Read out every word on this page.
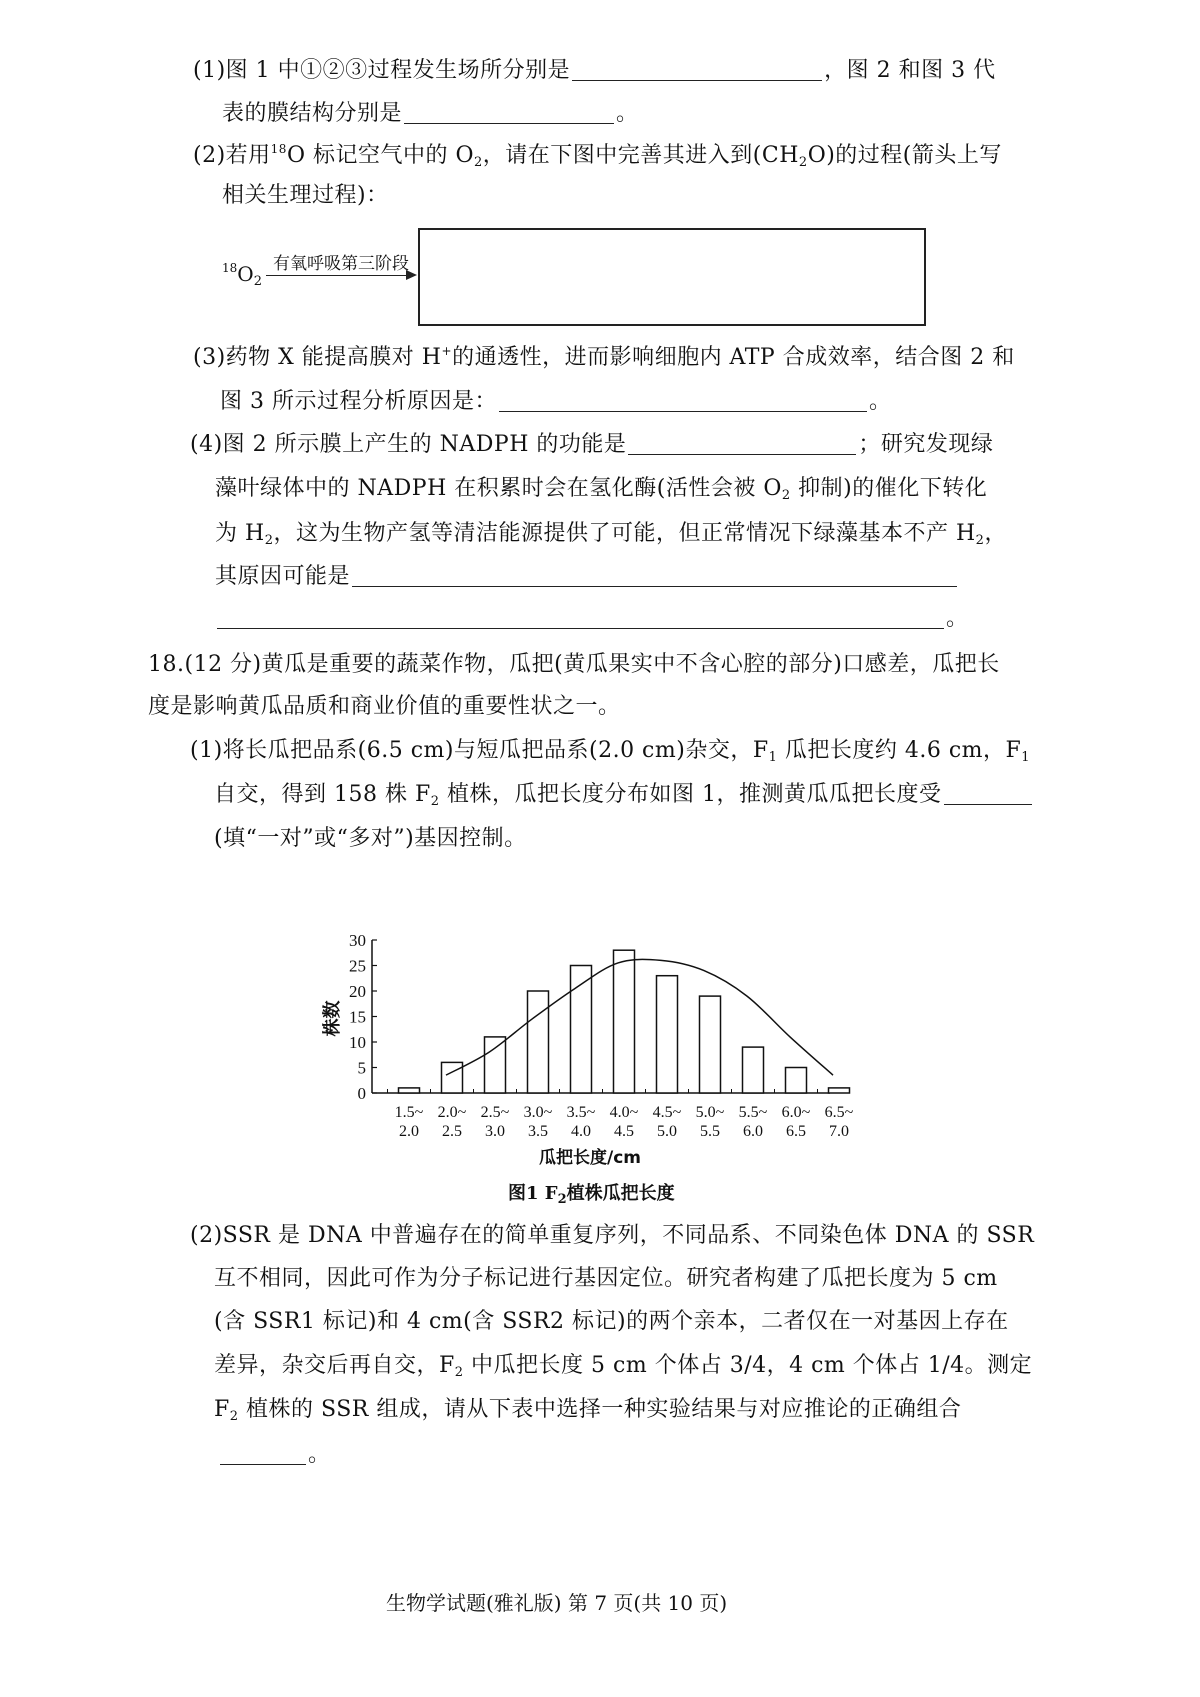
(1)图 1 中①②③过程发生场所分别是	，图 2 和图 3 代
表的膜结构分别是	。
(2)若用$^{18}$O 标记空气中的 $O_2$，请在下图中完善其进入到$(CH_2O)$的过程(箭头上写
相关生理过程)：
$^{18}O_2$
有氧呼吸第三阶段
(3)药物 X 能提高膜对 H+的通透性，进而影响细胞内 ATP 合成效率，结合图 2 和
图 3 所示过程分析原因是：	。
(4)图 2 所示膜上产生的 NADPH 的功能是	；研究发现绿
藻叶绿体中的 NADPH 在积累时会在氢化酶(活性会被 $O_2$ 抑制)的催化下转化
为 $H_2$，这为生物产氢等清洁能源提供了可能，但正常情况下绿藻基本不产 $H_2$，
其原因可能是
。
18.(12 分)黄瓜是重要的蔬菜作物，瓜把(黄瓜果实中不含心腔的部分)口感差，瓜把长
度是影响黄瓜品质和商业价值的重要性状之一。
(1)将长瓜把品系(6.5 cm)与短瓜把品系(2.0 cm)杂交，$F_1$ 瓜把长度约 4.6 cm，$F_1$
自交，得到 158 株 $F_2$ 植株，瓜把长度分布如图 1，推测黄瓜瓜把长度受
(填“一对”或“多对”)基因控制。
0
5
10
15
20
25
30
1.5~
2.0
2.0~
2.5
2.5~
3.0
3.0~
3.5
3.5~
4.0
4.0~
4.5
4.5~
5.0
5.0~
5.5
5.5~
6.0
6.0~
6.5
6.5~
7.0
株数
瓜把长度/cm
图1 $F_2$植株瓜把长度
(2)SSR 是 DNA 中普遍存在的简单重复序列，不同品系、不同染色体 DNA 的 SSR
互不相同，因此可作为分子标记进行基因定位。研究者构建了瓜把长度为 5 cm
(含 SSR1 标记)和 4 cm(含 SSR2 标记)的两个亲本，二者仅在一对基因上存在
差异，杂交后再自交，$F_2$ 中瓜把长度 5 cm 个体占 3/4，4 cm 个体占 1/4。测定
$F_2$ 植株的 SSR 组成，请从下表中选择一种实验结果与对应推论的正确组合
。
生物学试题(雅礼版) 第 7 页(共 10 页)
